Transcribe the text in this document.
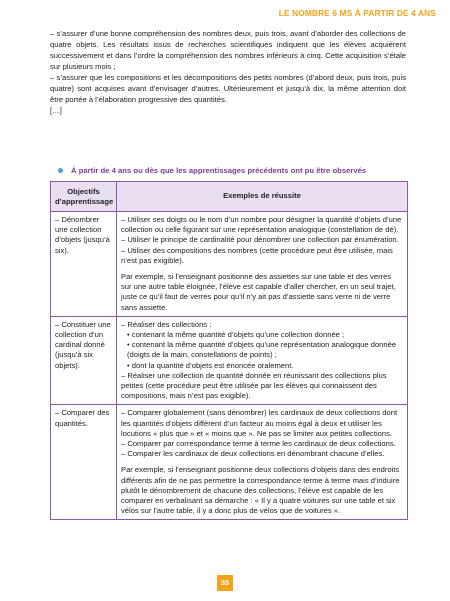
LE NOMBRE 6 MS À PARTIR DE 4 ANS

– s’assurer d’une bonne compréhension des nombres deux, puis trois, avant d’aborder des collections de quatre objets. Les résultats issus de recherches scientifiques indiquent que les élèves acquièrent successivement et dans l’ordre la compréhension des nombres inférieurs à cinq. Cette acquisition s’étale sur plusieurs mois ;

– s’assurer que les compositions et les décompositions des petits nombres (d’abord deux, puis trois, puis quatre) sont acquises avant d’envisager d’autres. Ultérieurement et jusqu’à dix, la même attention doit être portée à l’élaboration progressive des quantités.

[…]

À partir de 4 ans ou dès que les apprentissages précédents ont pu être observés
Objectifs d’apprentissage	Exemples de réussite
– Dénombrer une collection d’objets (jusqu’à six).	– Utiliser ses doigts ou le nom d’un nombre pour désigner la quantité d’objets d’une collection ou celle figurant sur une représentation analogique (constellation de dé).

– Utiliser le principe de cardinalité pour dénombrer une collection par énumération.

– Utiliser des compositions des nombres (cette procédure peut être utilisée, mais n’est pas exigible).

Par exemple, si l’enseignant positionne des assiettes sur une table et des verres sur une autre table éloignée, l’élève est capable d’aller chercher, en un seul trajet, juste ce qu’il faut de verres pour qu’il n’y ait pas d’assiette sans verre ni de verre sans assiette.

– Constituer une collection d’un cardinal donné (jusqu’à six objets).	– Réaliser des collections :

• contenant la même quantité d’objets qu’une collection donnée ;

• contenant la même quantité d’objets qu’une représentation analogique donnée (doigts de la main, constellations de points) ;

• dont la quantité d’objets est énoncée oralement.

– Réaliser une collection de quantité donnée en réunissant des collections plus petites (cette procédure peut être utilisée par les élèves qui connaissent des compositions, mais n’est pas exigible).

– Comparer des quantités.	– Comparer globalement (sans dénombrer) les cardinaux de deux collections dont les quantités d’objets diffèrent d’un facteur au moins égal à deux et utiliser les locutions « plus que » et « moins que ». Ne pas se limiter aux petites collections.

– Comparer par correspondance terme à terme les cardinaux de deux collections.

– Comparer les cardinaux de deux collections en dénombrant chacune d’elles.

Par exemple, si l’enseignant positionne deux collections d’objets dans des endroits différents afin de ne pas permettre la correspondance terme à terme mais d’induire plutôt le dénombrement de chacune des collections, l’élève est capable de les comparer en verbalisant sa démarche : « Il y a quatre voitures sur une table et six vélos sur l’autre table, il y a donc plus de vélos que de voitures ».

35
